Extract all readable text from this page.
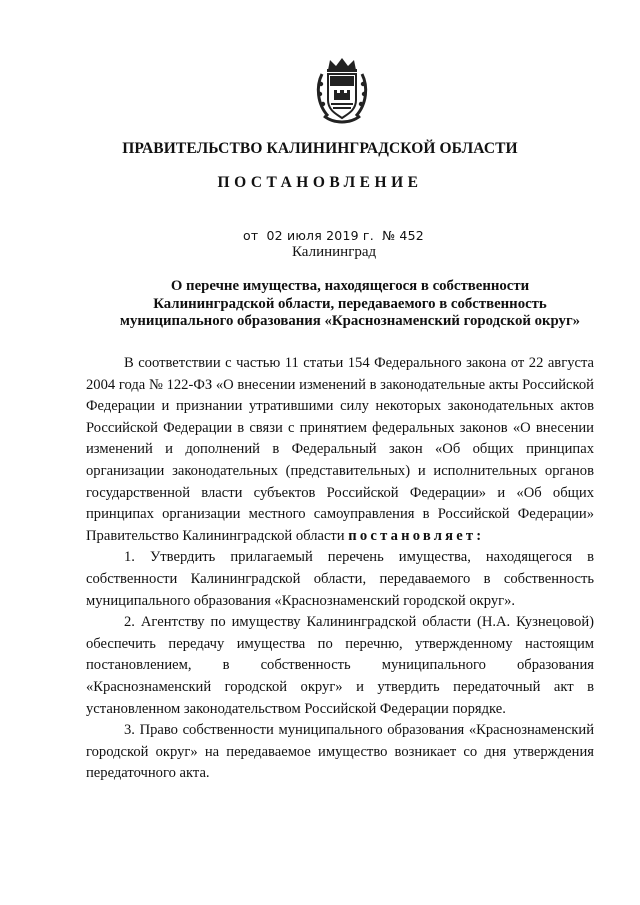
ПРАВИТЕЛЬСТВО КАЛИНИНГРАДСКОЙ ОБЛАСТИ
ПОСТАНОВЛЕНИЕ
от 02 июля 2019 г. № 452
Калининград
О перечне имущества, находящегося в собственности
Калининградской области, передаваемого в собственность
муниципального образования «Краснознаменский городской округ»
В соответствии с частью 11 статьи 154 Федерального закона от 22 августа 2004 года № 122-ФЗ «О внесении изменений в законодательные акты Российской Федерации и признании утратившими силу некоторых законодательных актов Российской Федерации в связи с принятием федеральных законов «О внесении изменений и дополнений в Федеральный закон «Об общих принципах организации законодательных (представительных) и исполнительных органов государственной власти субъектов Российской Федерации» и «Об общих принципах организации местного самоуправления в Российской Федерации» Правительство Калининградской области постановляет:
1. Утвердить прилагаемый перечень имущества, находящегося в собственности Калининградской области, передаваемого в собственность муниципального образования «Краснознаменский городской округ».
2. Агентству по имуществу Калининградской области (Н.А. Кузнецовой) обеспечить передачу имущества по перечню, утвержденному настоящим постановлением, в собственность муниципального образования «Краснознаменский городской округ» и утвердить передаточный акт в установленном законодательством Российской Федерации порядке.
3. Право собственности муниципального образования «Краснознаменский городской округ» на передаваемое имущество возникает со дня утверждения передаточного акта.
